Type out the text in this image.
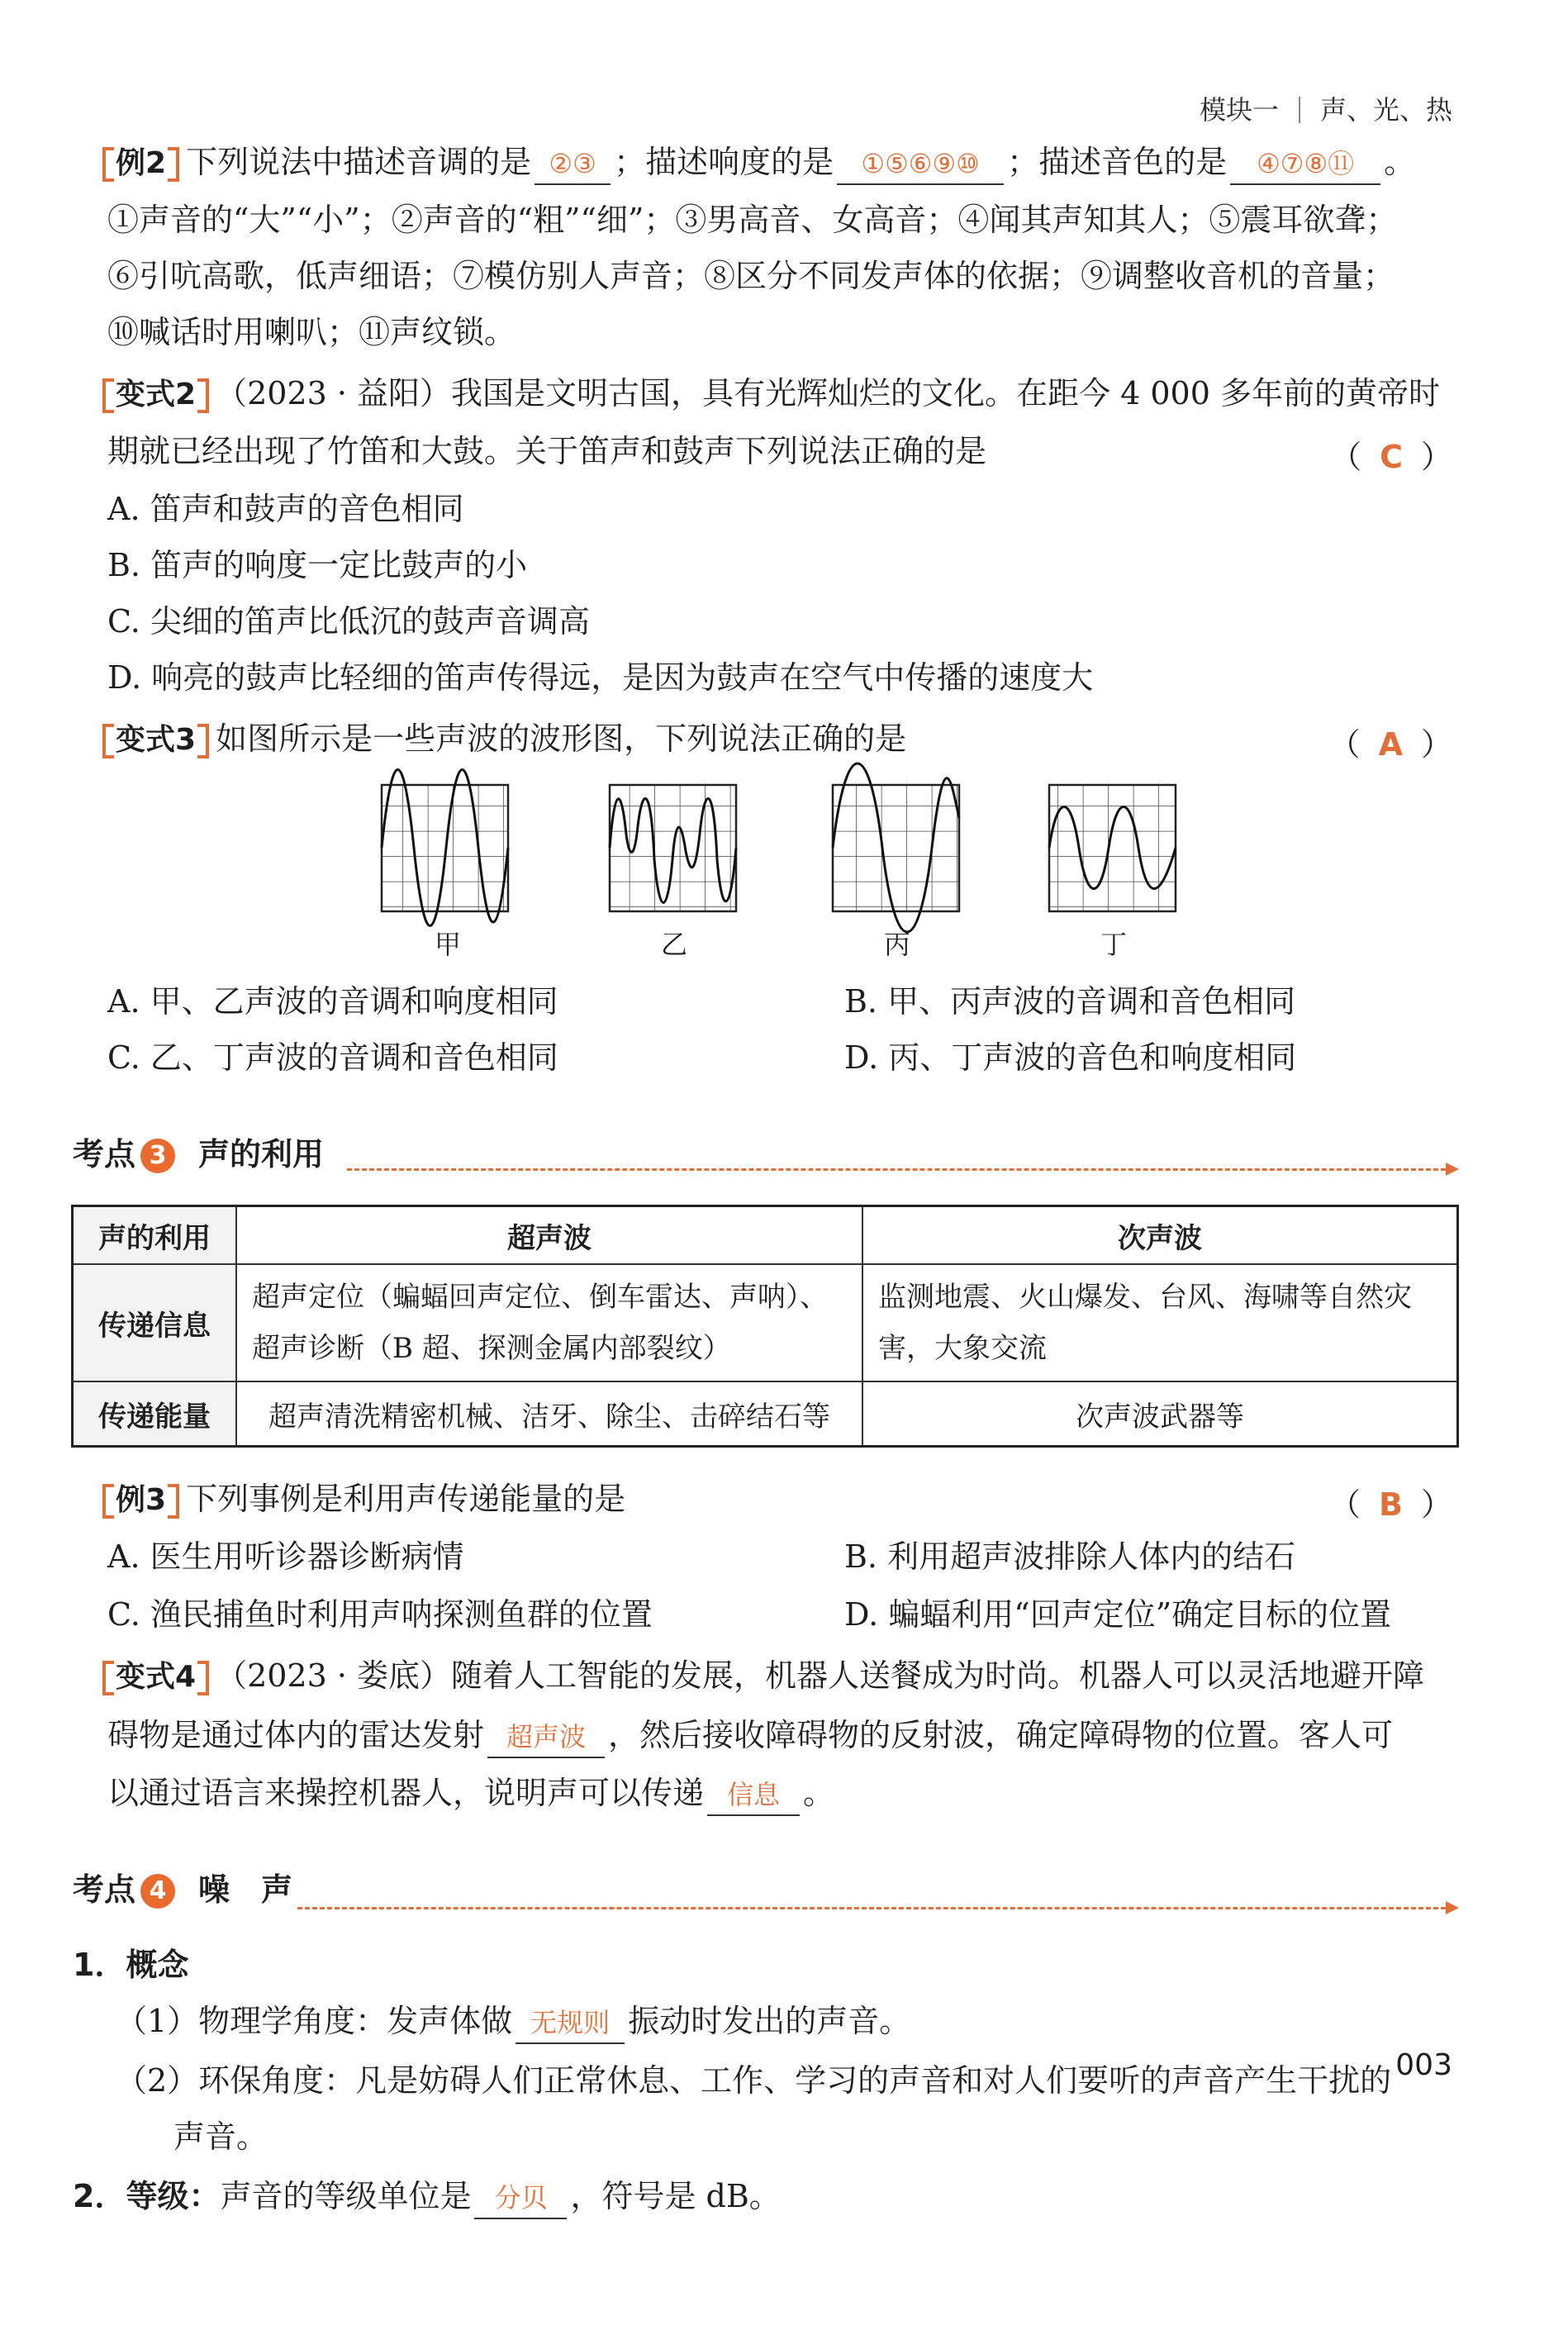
模块一 声、光、热
例2 下列说法中描述音调的是 ②③ ；描述响度的是 ①⑤⑥⑨⑩ ；描述音色的是 ④⑦⑧⑪ 。
①声音的“大”“小”；②声音的“粗”“细”；③男高音、女高音；④闻其声知其人；⑤震耳欲聋；
⑥引吭高歌，低声细语；⑦模仿别人声音；⑧区分不同发声体的依据；⑨调整收音机的音量；
⑩喊话时用喇叭；⑪声纹锁。
变式2 （2023 · 益阳）我国是文明古国，具有光辉灿烂的文化。在距今 4 000 多年前的黄帝时
期就已经出现了竹笛和大鼓。关于笛声和鼓声下列说法正确的是	（ C ）
A. 笛声和鼓声的音色相同
B. 笛声的响度一定比鼓声的小
C. 尖细的笛声比低沉的鼓声音调高
D. 响亮的鼓声比轻细的笛声传得远，是因为鼓声在空气中传播的速度大
变式3 如图所示是一些声波的波形图，下列说法正确的是	（ A ）
甲	乙	丙	丁
A. 甲、乙声波的音调和响度相同	B. 甲、丙声波的音调和音色相同
C. 乙、丁声波的音调和音色相同	D. 丙、丁声波的音色和响度相同
考点 3 声的利用
声的利用	超声波	次声波
传递信息	超声定位（蝙蝠回声定位、倒车雷达、声呐）、超声诊断（B 超、探测金属内部裂纹）	监测地震、火山爆发、台风、海啸等自然灾害，大象交流
传递能量	超声清洗精密机械、洁牙、除尘、击碎结石等	次声波武器等
例3 下列事例是利用声传递能量的是	（ B ）
A. 医生用听诊器诊断病情	B. 利用超声波排除人体内的结石
C. 渔民捕鱼时利用声呐探测鱼群的位置	D. 蝙蝠利用“回声定位”确定目标的位置
变式4 （2023 · 娄底）随着人工智能的发展，机器人送餐成为时尚。机器人可以灵活地避开障
碍物是通过体内的雷达发射 超声波 ，然后接收障碍物的反射波，确定障碍物的位置。客人可
以通过语言来操控机器人，说明声可以传递 信息 。
考点 4 噪　声
1．概念
（1）物理学角度：发声体做 无规则 振动时发出的声音。
（2）环保角度：凡是妨碍人们正常休息、工作、学习的声音和对人们要听的声音产生干扰的
声音。
2．等级：声音的等级单位是 分贝 ，符号是 dB。
003
